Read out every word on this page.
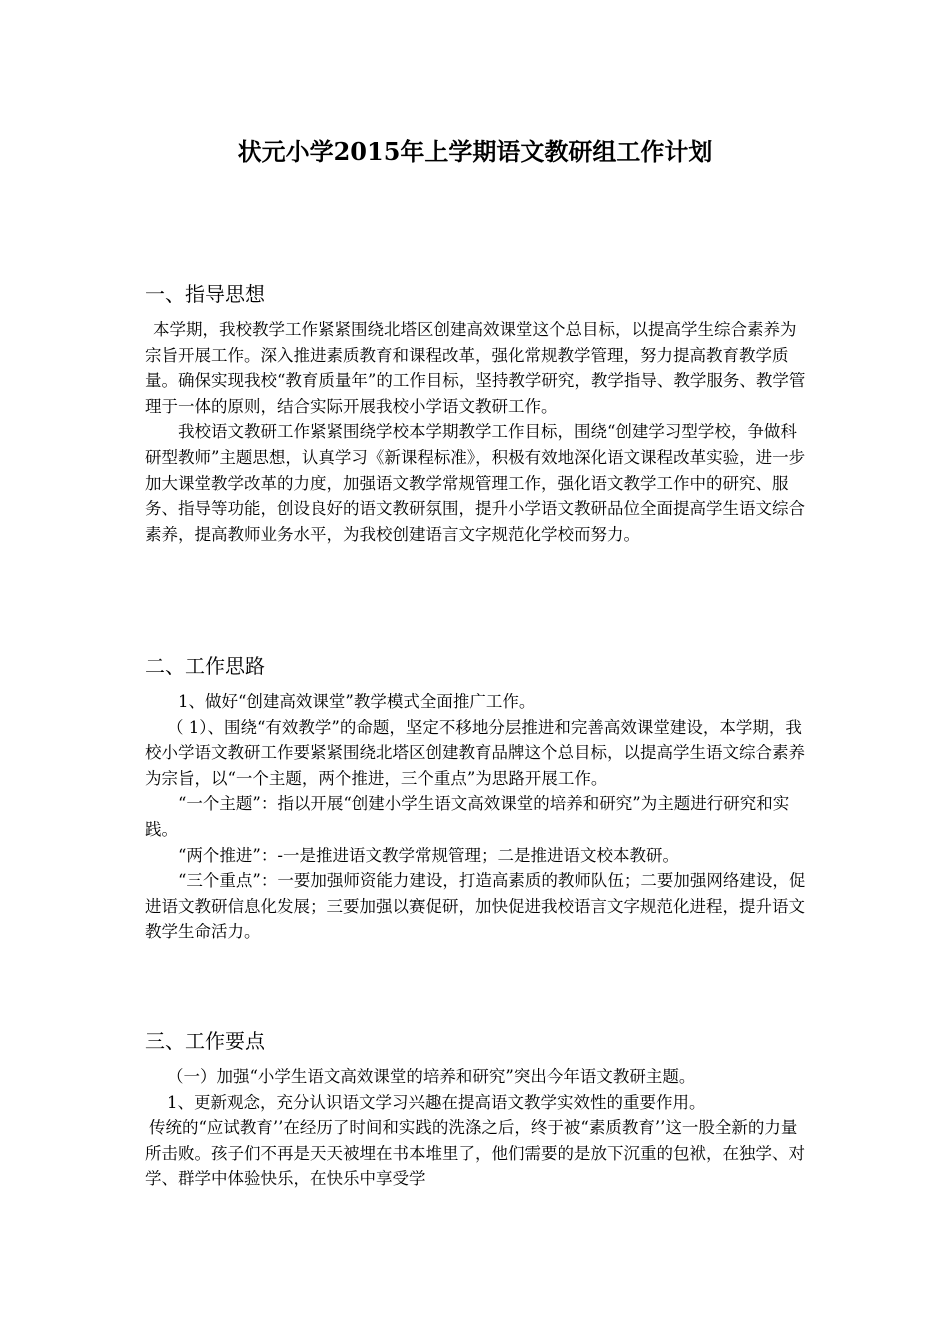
状元小学2015年上学期语文教研组工作计划
一、指导思想

本学期，我校教学工作紧紧围绕北塔区创建高效课堂这个总目标，以提高学生综合素养为宗旨开展工作。深入推进素质教育和课程改革，强化常规教学管理，努力提高教育教学质量。确保实现我校“教育质量年”的工作目标，坚持教学研究，教学指导、教学服务、教学管理于一体的原则，结合实际开展我校小学语文教研工作。

我校语文教研工作紧紧围绕学校本学期教学工作目标，围绕“创建学习型学校，争做科研型教师”主题思想，认真学习《新课程标准》，积极有效地深化语文课程改革实验，进一步加大课堂教学改革的力度，加强语文教学常规管理工作，强化语文教学工作中的研究、服务、指导等功能，创设良好的语文教研氛围，提升小学语文教研品位全面提高学生语文综合素养，提高教师业务水平，为我校创建语言文字规范化学校而努力。

二、工作思路

1、做好“创建高效课堂”教学模式全面推广工作。

（ 1）、围绕“有效教学”的命题，坚定不移地分层推进和完善高效课堂建设，本学期，我校小学语文教研工作要紧紧围绕北塔区创建教育品牌这个总目标，以提高学生语文综合素养为宗旨，以“一个主题，两个推进，三个重点”为思路开展工作。

“一个主题”：指以开展“创建小学生语文高效课堂的培养和研究”为主题进行研究和实践。

“两个推进”：-一是推进语文教学常规管理；二是推进语文校本教研。

“三个重点”：一要加强师资能力建设，打造高素质的教师队伍；二要加强网络建设，促进语文教研信息化发展；三要加强以赛促研，加快促进我校语言文字规范化进程，提升语文教学生命活力。

三、工作要点

（一）加强“小学生语文高效课堂的培养和研究”突出今年语文教研主题。

1、更新观念，充分认识语文学习兴趣在提高语文教学实效性的重要作用。

传统的“应试教育’’在经历了时间和实践的洗涤之后，终于被“素质教育’’这一股全新的力量所击败。孩子们不再是天天被埋在书本堆里了，他们需要的是放下沉重的包袱，在独学、对学、群学中体验快乐，在快乐中享受学
